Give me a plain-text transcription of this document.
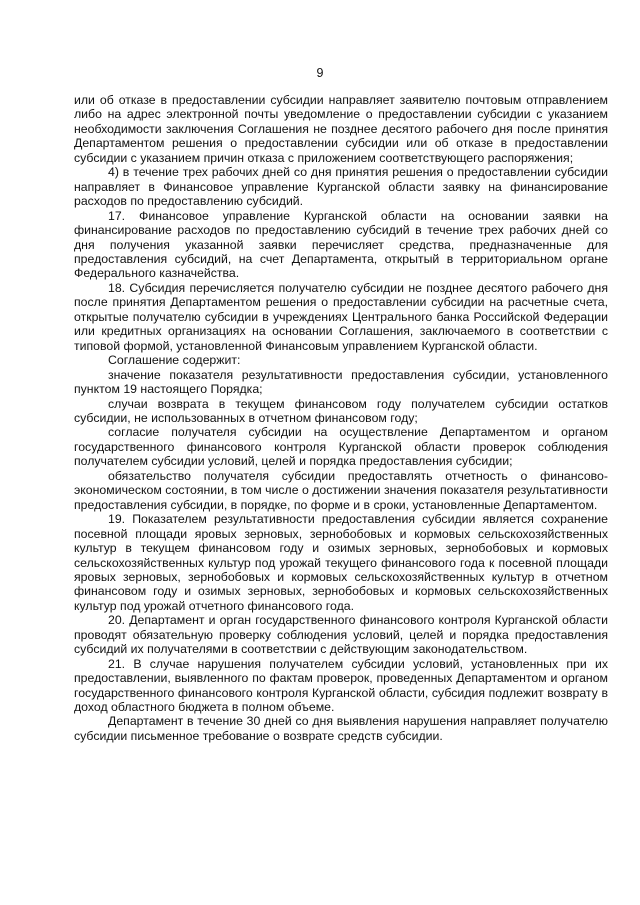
9

или об отказе в предоставлении субсидии направляет заявителю почтовым отправлением либо на адрес электронной почты уведомление о предоставлении субсидии с указанием необходимости заключения Соглашения не позднее десятого рабочего дня после принятия Департаментом решения о предоставлении субсидии или об отказе в предоставлении субсидии с указанием причин отказа с приложением соответствующего распоряжения;

4) в течение трех рабочих дней со дня принятия решения о предоставлении субсидии направляет в Финансовое управление Курганской области заявку на финансирование расходов по предоставлению субсидий.

17. Финансовое управление Курганской области на основании заявки на финансирование расходов по предоставлению субсидий в течение трех рабочих дней со дня получения указанной заявки перечисляет средства, предназначенные для предоставления субсидий, на счет Департамента, открытый в территориальном органе Федерального казначейства.

18. Субсидия перечисляется получателю субсидии не позднее десятого рабочего дня после принятия Департаментом решения о предоставлении субсидии на расчетные счета, открытые получателю субсидии в учреждениях Центрального банка Российской Федерации или кредитных организациях на основании Соглашения, заключаемого в соответствии с типовой формой, установленной Финансовым управлением Курганской области.

Соглашение содержит:

значение показателя результативности предоставления субсидии, установленного пунктом 19 настоящего Порядка;

случаи возврата в текущем финансовом году получателем субсидии остатков субсидии, не использованных в отчетном финансовом году;

согласие получателя субсидии на осуществление Департаментом и органом государственного финансового контроля Курганской области проверок соблюдения получателем субсидии условий, целей и порядка предоставления субсидии;

обязательство получателя субсидии предоставлять отчетность о финансово-экономическом состоянии, в том числе о достижении значения показателя результативности предоставления субсидии, в порядке, по форме и в сроки, установленные Департаментом.

19. Показателем результативности предоставления субсидии является сохранение посевной площади яровых зерновых, зернобобовых и кормовых сельскохозяйственных культур в текущем финансовом году и озимых зерновых, зернобобовых и кормовых сельскохозяйственных культур под урожай текущего финансового года к посевной площади яровых зерновых, зернобобовых и кормовых сельскохозяйственных культур в отчетном финансовом году и озимых зерновых, зернобобовых и кормовых сельскохозяйственных культур под урожай отчетного финансового года.

20. Департамент и орган государственного финансового контроля Курганской области проводят обязательную проверку соблюдения условий, целей и порядка предоставления субсидий их получателями в соответствии с действующим законодательством.

21. В случае нарушения получателем субсидии условий, установленных при их предоставлении, выявленного по фактам проверок, проведенных Департаментом и органом государственного финансового контроля Курганской области, субсидия подлежит возврату в доход областного бюджета в полном объеме.

Департамент в течение 30 дней со дня выявления нарушения направляет получателю субсидии письменное требование о возврате средств субсидии.
